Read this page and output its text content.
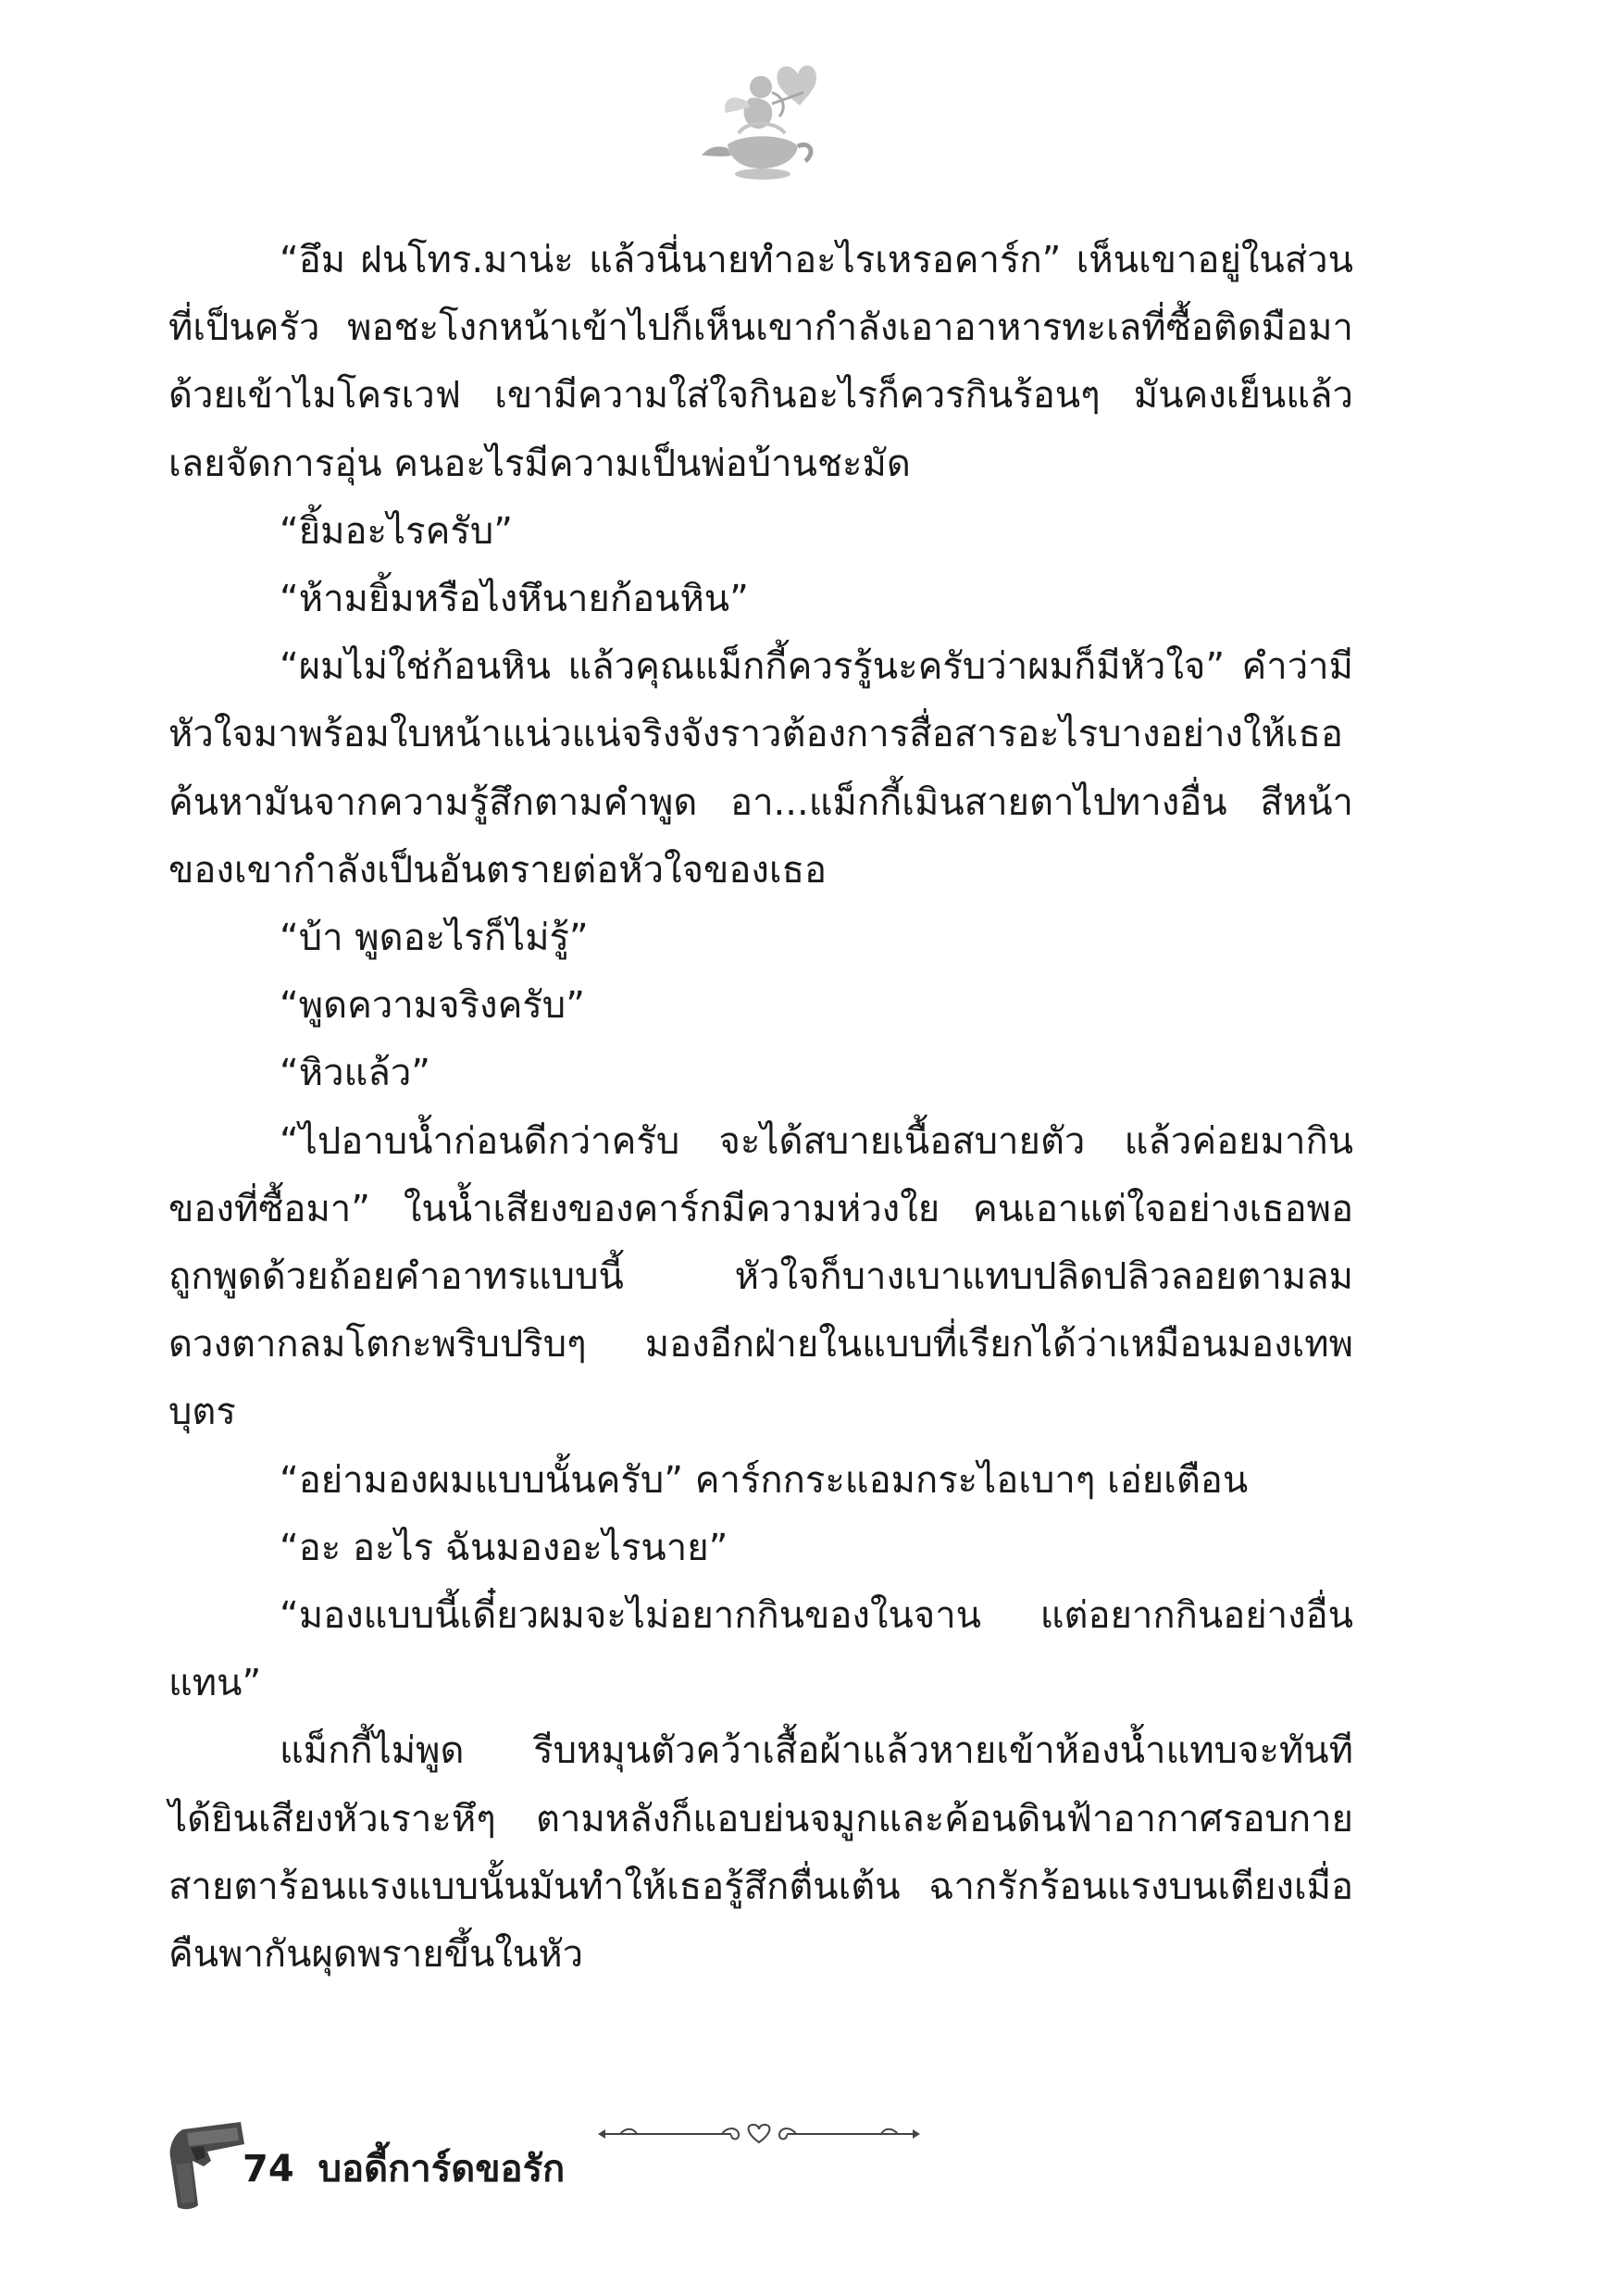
“อึม ฝนโทร.มาน่ะ แล้วนี่นายทำอะไรเหรอคาร์ก” เห็นเขาอยู่ในส่วนที่เป็นครัว พอชะโงกหน้าเข้าไปก็เห็นเขากำลังเอาอาหารทะเลที่ซื้อติดมือมาด้วยเข้าไมโครเวฟ เขามีความใส่ใจกินอะไรก็ควรกินร้อนๆ มันคงเย็นแล้วเลยจัดการอุ่น คนอะไรมีความเป็นพ่อบ้านชะมัด

“ยิ้มอะไรครับ”

“ห้ามยิ้มหรือไงหึนายก้อนหิน”

“ผมไม่ใช่ก้อนหิน แล้วคุณแม็กกี้ควรรู้นะครับว่าผมก็มีหัวใจ” คำว่ามีหัวใจมาพร้อมใบหน้าแน่วแน่จริงจังราวต้องการสื่อสารอะไรบางอย่างให้เธอค้นหามันจากความรู้สึกตามคำพูด อา...แม็กกี้เมินสายตาไปทางอื่น สีหน้าของเขากำลังเป็นอันตรายต่อหัวใจของเธอ

“บ้า พูดอะไรก็ไม่รู้”

“พูดความจริงครับ”

“หิวแล้ว”

“ไปอาบน้ำก่อนดีกว่าครับ จะได้สบายเนื้อสบายตัว แล้วค่อยมากินของที่ซื้อมา” ในน้ำเสียงของคาร์กมีความห่วงใย คนเอาแต่ใจอย่างเธอพอถูกพูดด้วยถ้อยคำอาทรแบบนี้ หัวใจก็บางเบาแทบปลิดปลิวลอยตามลม ดวงตากลมโตกะพริบปริบๆ มองอีกฝ่ายในแบบที่เรียกได้ว่าเหมือนมองเทพบุตร

“อย่ามองผมแบบนั้นครับ” คาร์กกระแอมกระไอเบาๆ เอ่ยเตือน

“อะ อะไร ฉันมองอะไรนาย”

“มองแบบนี้เดี๋ยวผมจะไม่อยากกินของในจาน แต่อยากกินอย่างอื่นแทน”

แม็กกี้ไม่พูด รีบหมุนตัวคว้าเสื้อผ้าแล้วหายเข้าห้องน้ำแทบจะทันที ได้ยินเสียงหัวเราะหึๆ ตามหลังก็แอบย่นจมูกและค้อนดินฟ้าอากาศรอบกาย สายตาร้อนแรงแบบนั้นมันทำให้เธอรู้สึกตื่นเต้น ฉากรักร้อนแรงบนเตียงเมื่อคืนพากันผุดพรายขึ้นในหัว

74 บอดี้การ์ดขอรัก
